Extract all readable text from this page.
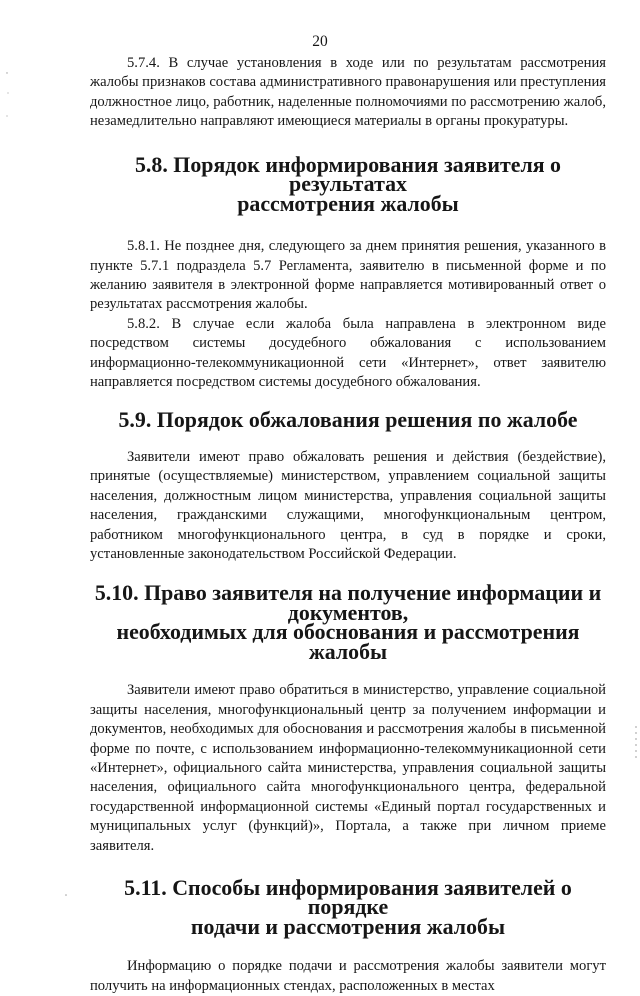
20

5.7.4. В случае установления в ходе или по результатам рассмотрения жалобы признаков состава административного правонарушения или преступления должностное лицо, работник, наделенные полномочиями по рассмотрению жалоб, незамедлительно направляют имеющиеся материалы в органы прокуратуры.

5.8. Порядок информирования заявителя о результатах
рассмотрения жалобы

5.8.1. Не позднее дня, следующего за днем принятия решения, указанного в пункте 5.7.1 подраздела 5.7 Регламента, заявителю в письменной форме и по желанию заявителя в электронной форме направляется мотивированный ответ о результатах рассмотрения жалобы.

5.8.2. В случае если жалоба была направлена в электронном виде посредством системы досудебного обжалования с использованием информационно-телекоммуникационной сети «Интернет», ответ заявителю направляется посредством системы досудебного обжалования.

5.9. Порядок обжалования решения по жалобе

Заявители имеют право обжаловать решения и действия (бездействие), принятые (осуществляемые) министерством, управлением социальной защиты населения, должностным лицом министерства, управления социальной защиты населения, гражданскими служащими, многофункциональным центром, работником многофункционального центра, в суд в порядке и сроки, установленные законодательством Российской Федерации.

5.10. Право заявителя на получение информации и документов,
необходимых для обоснования и рассмотрения жалобы

Заявители имеют право обратиться в министерство, управление социальной защиты населения, многофункциональный центр за получением информации и документов, необходимых для обоснования и рассмотрения жалобы в письменной форме по почте, с использованием информационно-телекоммуникационной сети «Интернет», официального сайта министерства, управления социальной защиты населения, официального сайта многофункционального центра, федеральной государственной информационной системы «Единый портал государственных и муниципальных услуг (функций)», Портала, а также при личном приеме заявителя.

5.11. Способы информирования заявителей о порядке
подачи и рассмотрения жалобы

Информацию о порядке подачи и рассмотрения жалобы заявители могут получить на информационных стендах, расположенных в местах
